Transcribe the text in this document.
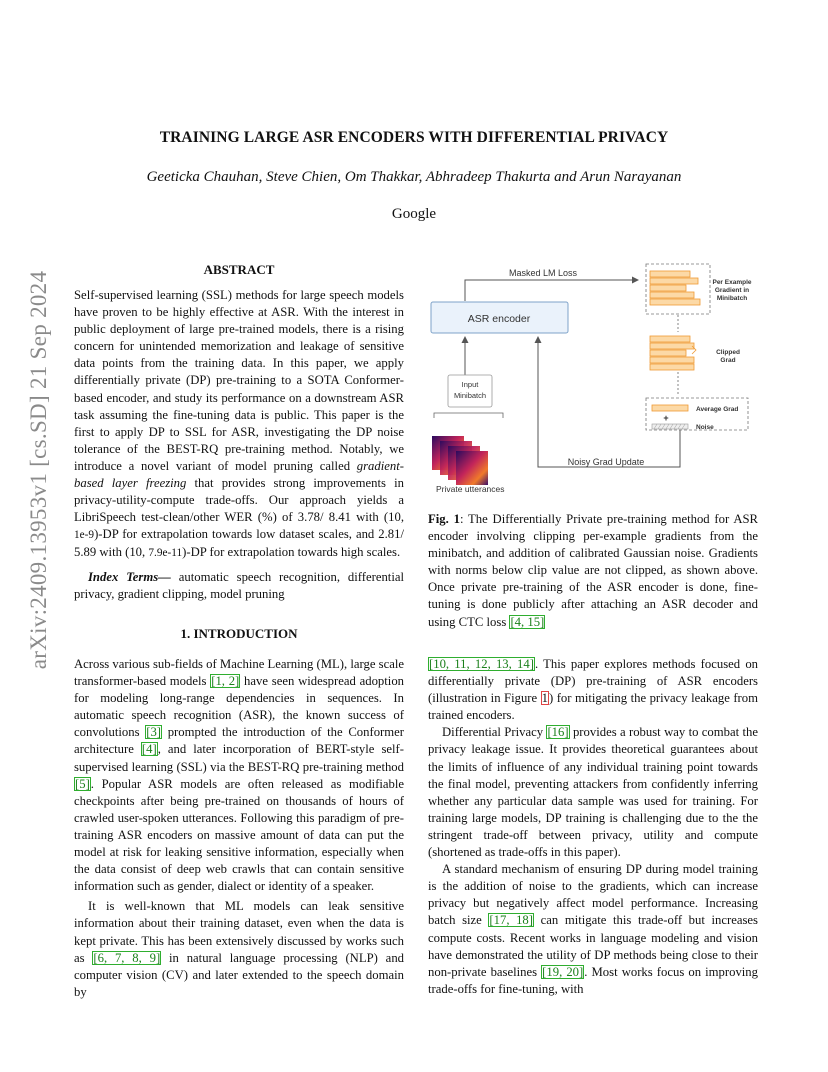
arXiv:2409.13953v1 [cs.SD] 21 Sep 2024
TRAINING LARGE ASR ENCODERS WITH DIFFERENTIAL PRIVACY
Geeticka Chauhan, Steve Chien, Om Thakkar, Abhradeep Thakurta and Arun Narayanan
Google
ABSTRACT

Self-supervised learning (SSL) methods for large speech models have proven to be highly effective at ASR. With the interest in public deployment of large pre-trained models, there is a rising concern for unintended memorization and leakage of sensitive data points from the training data. In this paper, we apply differentially private (DP) pre-training to a SOTA Conformer-based encoder, and study its performance on a downstream ASR task assuming the fine-tuning data is public. This paper is the first to apply DP to SSL for ASR, investigating the DP noise tolerance of the BEST-RQ pre-training method. Notably, we introduce a novel variant of model pruning called gradient-based layer freezing that provides strong improvements in privacy-utility-compute trade-offs. Our approach yields a LibriSpeech test-clean/other WER (%) of 3.78/ 8.41 with (10, 1e-9)-DP for extrapolation towards low dataset scales, and 2.81/ 5.89 with (10, 7.9e-11)-DP for extrapolation towards high scales.

Index Terms— automatic speech recognition, differential privacy, gradient clipping, model pruning

1. INTRODUCTION

Across various sub-fields of Machine Learning (ML), large scale transformer-based models [1, 2] have seen widespread adoption for modeling long-range dependencies in sequences. In automatic speech recognition (ASR), the known success of convolutions [3] prompted the introduction of the Conformer architecture [4], and later incorporation of BERT-style self-supervised learning (SSL) via the BEST-RQ pre-training method [5]. Popular ASR models are often released as modifiable checkpoints after being pre-trained on thousands of hours of crawled user-spoken utterances. Following this paradigm of pre-training ASR encoders on massive amount of data can put the model at risk for leaking sensitive information, especially when the data consist of deep web crawls that can contain sensitive information such as gender, dialect or identity of a speaker.

It is well-known that ML models can leak sensitive information about their training dataset, even when the data is kept private. This has been extensively discussed by works such as [6, 7, 8, 9] in natural language processing (NLP) and computer vision (CV) and later extended to the speech domain by

Masked LM Loss
ASR encoder
Input
Minibatch
Private utterances
Noisy Grad Update
Per Example
Gradient in
Minibatch
Clipped
Grad
Average Grad
+
Noise

Fig. 1: The Differentially Private pre-training method for ASR encoder involving clipping per-example gradients from the minibatch, and addition of calibrated Gaussian noise. Gradients with norms below clip value are not clipped, as shown above. Once private pre-training of the ASR encoder is done, fine-tuning is done publicly after attaching an ASR decoder and using CTC loss [4, 15]

[10, 11, 12, 13, 14]. This paper explores methods focused on differentially private (DP) pre-training of ASR encoders (illustration in Figure 1) for mitigating the privacy leakage from trained encoders.

Differential Privacy [16] provides a robust way to combat the privacy leakage issue. It provides theoretical guarantees about the limits of influence of any individual training point towards the final model, preventing attackers from confidently inferring whether any particular data sample was used for training. For training large models, DP training is challenging due to the the stringent trade-off between privacy, utility and compute (shortened as trade-offs in this paper).

A standard mechanism of ensuring DP during model training is the addition of noise to the gradients, which can increase privacy but negatively affect model performance. Increasing batch size [17, 18] can mitigate this trade-off but increases compute costs. Recent works in language modeling and vision have demonstrated the utility of DP methods being close to their non-private baselines [19, 20]. Most works focus on improving trade-offs for fine-tuning, with
